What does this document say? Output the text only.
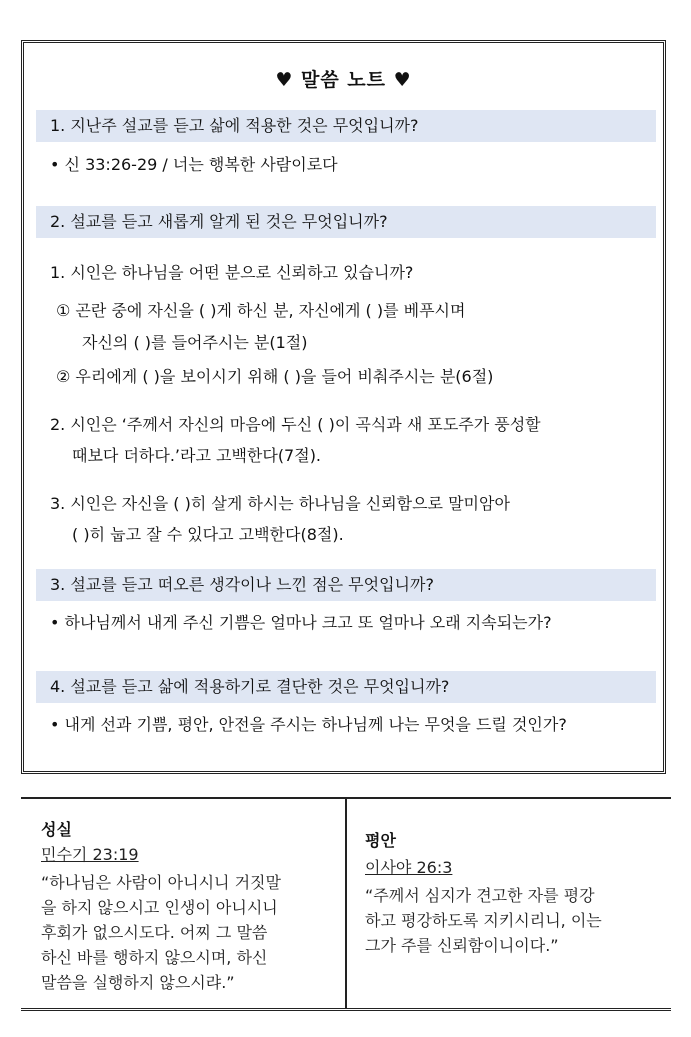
♥ 말씀 노트 ♥
1. 지난주 설교를 듣고 삶에 적용한 것은 무엇입니까?
• 신 33:26-29 / 너는 행복한 사람이로다
2. 설교를 듣고 새롭게 알게 된 것은 무엇입니까?
1. 시인은 하나님을 어떤 분으로 신뢰하고 있습니까?
① 곤란 중에 자신을 ( )게 하신 분, 자신에게 ( )를 베푸시며
자신의 ( )를 들어주시는 분(1절)
② 우리에게 ( )을 보이시기 위해 ( )을 들어 비춰주시는 분(6절)
2. 시인은 ‘주께서 자신의 마음에 두신 ( )이 곡식과 새 포도주가 풍성할
때보다 더하다.’라고 고백한다(7절).
3. 시인은 자신을 ( )히 살게 하시는 하나님을 신뢰함으로 말미암아
( )히 눕고 잘 수 있다고 고백한다(8절).
3. 설교를 듣고 떠오른 생각이나 느낀 점은 무엇입니까?
• 하나님께서 내게 주신 기쁨은 얼마나 크고 또 얼마나 오래 지속되는가?
4. 설교를 듣고 삶에 적용하기로 결단한 것은 무엇입니까?
• 내게 선과 기쁨, 평안, 안전을 주시는 하나님께 나는 무엇을 드릴 것인가?
성실
민수기 23:19
“하나님은 사람이 아니시니 거짓말
을 하지 않으시고 인생이 아니시니
후회가 없으시도다. 어찌 그 말씀
하신 바를 행하지 않으시며, 하신
말씀을 실행하지 않으시랴.”
평안
이사야 26:3
“주께서 심지가 견고한 자를 평강
하고 평강하도록 지키시리니, 이는
그가 주를 신뢰함이니이다.”
